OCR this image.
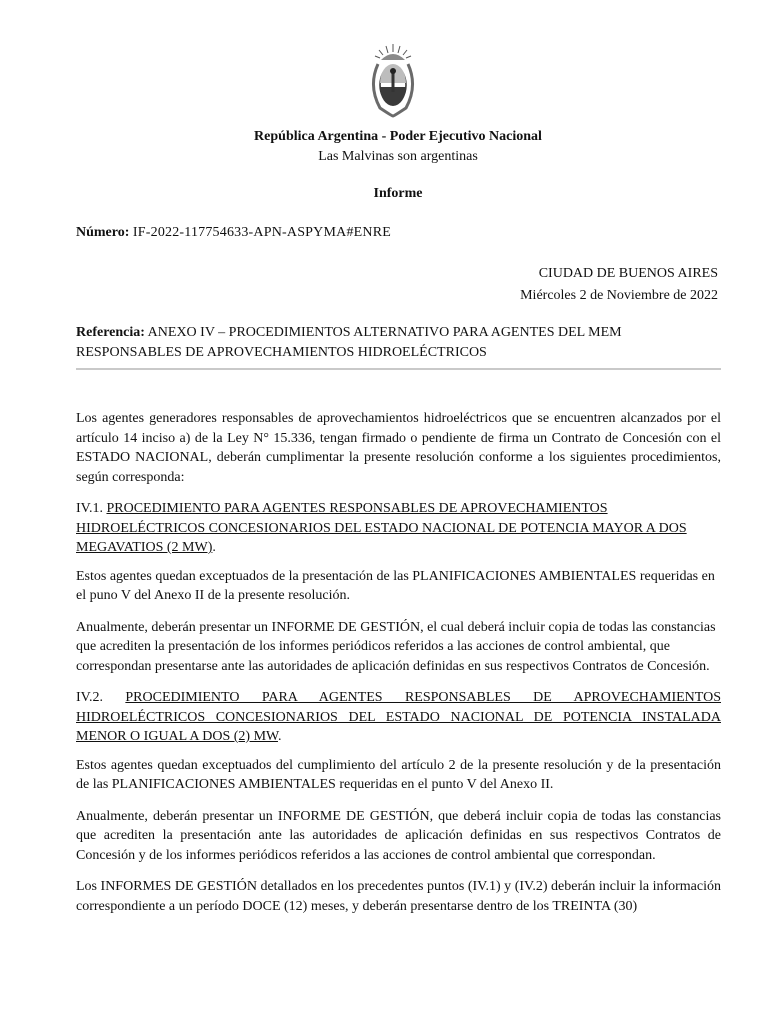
República Argentina - Poder Ejecutivo Nacional
Las Malvinas son argentinas
Informe
Número: IF-2022-117754633-APN-ASPYMA#ENRE
CIUDAD DE BUENOS AIRES
Miércoles 2 de Noviembre de 2022
Referencia: ANEXO IV – PROCEDIMIENTOS ALTERNATIVO PARA AGENTES DEL MEM RESPONSABLES DE APROVECHAMIENTOS HIDROELÉCTRICOS

Los agentes generadores responsables de aprovechamientos hidroeléctricos que se encuentren alcanzados por el artículo 14 inciso a) de la Ley N° 15.336, tengan firmado o pendiente de firma un Contrato de Concesión con el ESTADO NACIONAL, deberán cumplimentar la presente resolución conforme a los siguientes procedimientos, según corresponda:

IV.1. PROCEDIMIENTO PARA AGENTES RESPONSABLES DE APROVECHAMIENTOS HIDROELÉCTRICOS CONCESIONARIOS DEL ESTADO NACIONAL DE POTENCIA MAYOR A DOS MEGAVATIOS (2 MW).

Estos agentes quedan exceptuados de la presentación de las PLANIFICACIONES AMBIENTALES requeridas en el puno V del Anexo II de la presente resolución.

Anualmente, deberán presentar un INFORME DE GESTIÓN, el cual deberá incluir copia de todas las constancias que acrediten la presentación de los informes periódicos referidos a las acciones de control ambiental, que correspondan presentarse ante las autoridades de aplicación definidas en sus respectivos Contratos de Concesión.

IV.2. PROCEDIMIENTO PARA AGENTES RESPONSABLES DE APROVECHAMIENTOS HIDROELÉCTRICOS CONCESIONARIOS DEL ESTADO NACIONAL DE POTENCIA INSTALADA MENOR O IGUAL A DOS (2) MW.

Estos agentes quedan exceptuados del cumplimiento del artículo 2 de la presente resolución y de la presentación de las PLANIFICACIONES AMBIENTALES requeridas en el punto V del Anexo II.

Anualmente, deberán presentar un INFORME DE GESTIÓN, que deberá incluir copia de todas las constancias que acrediten la presentación ante las autoridades de aplicación definidas en sus respectivos Contratos de Concesión y de los informes periódicos referidos a las acciones de control ambiental que correspondan.

Los INFORMES DE GESTIÓN detallados en los precedentes puntos (IV.1) y (IV.2) deberán incluir la información correspondiente a un período DOCE (12) meses, y deberán presentarse dentro de los TREINTA (30)
